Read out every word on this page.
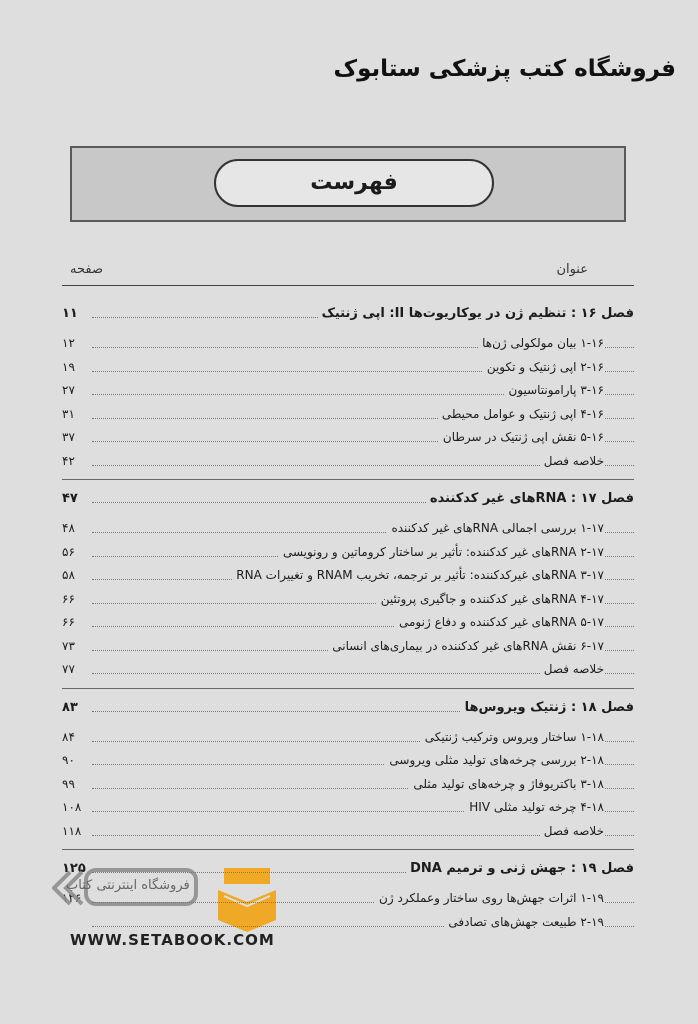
فروشگاه کتب پزشکی ستابوک
فهرست
عنوان
صفحه
فصل ۱۶ : تنظیم ژن در یوکاریوت‌ها II: اپی ژنتیک
۱۱
۱-۱۶ بیان مولکولی ژن‌ها
۱۲
۲-۱۶ اپی ژنتیک و تکوین
۱۹
۳-۱۶ پارامونتاسیون
۲۷
۴-۱۶ اپی ژنتیک و عوامل محیطی
۳۱
۵-۱۶ نقش اپی ژنتیک در سرطان
۳۷
خلاصه فصل
۴۲
فصل ۱۷ : RNAهای غیر کدکننده
۴۷
۱-۱۷ بررسی اجمالی RNAهای غیر کدکننده
۴۸
۲-۱۷ RNAهای غیر کدکننده: تأثیر بر ساختار کروماتین و رونویسی
۵۶
۳-۱۷ RNAهای غیرکدکننده: تأثیر بر ترجمه، تخریب RNAM و تغییرات RNA
۵۸
۴-۱۷ RNAهای غیر کدکننده و جاگیری پروتئین
۶۶
۵-۱۷ RNAهای غیر کدکننده و دفاع ژنومی
۶۶
۶-۱۷ نقش RNAهای غیر کدکننده در بیماری‌های انسانی
۷۳
خلاصه فصل
۷۷
فصل ۱۸ : ژنتیک ویروس‌ها
۸۳
۱-۱۸ ساختار ویروس وترکیب ژنتیکی
۸۴
۲-۱۸ بررسی چرخه‌های تولید مثلی ویروسی
۹۰
۳-۱۸ باکتریوفاژ و چرخه‌های تولید مثلی
۹۹
۴-۱۸ چرخه تولید مثلی HIV
۱۰۸
خلاصه فصل
۱۱۸
فصل ۱۹ : جهش ژنی و ترمیم DNA
۱۲۵
۱-۱۹ اثرات جهش‌ها روی ساختار وعملکرد ژن
۱۲۶
۲-۱۹ طبیعت جهش‌های تصادفی
فروشگاه اینترنتی کتاب
WWW.SETABOOK.COM
